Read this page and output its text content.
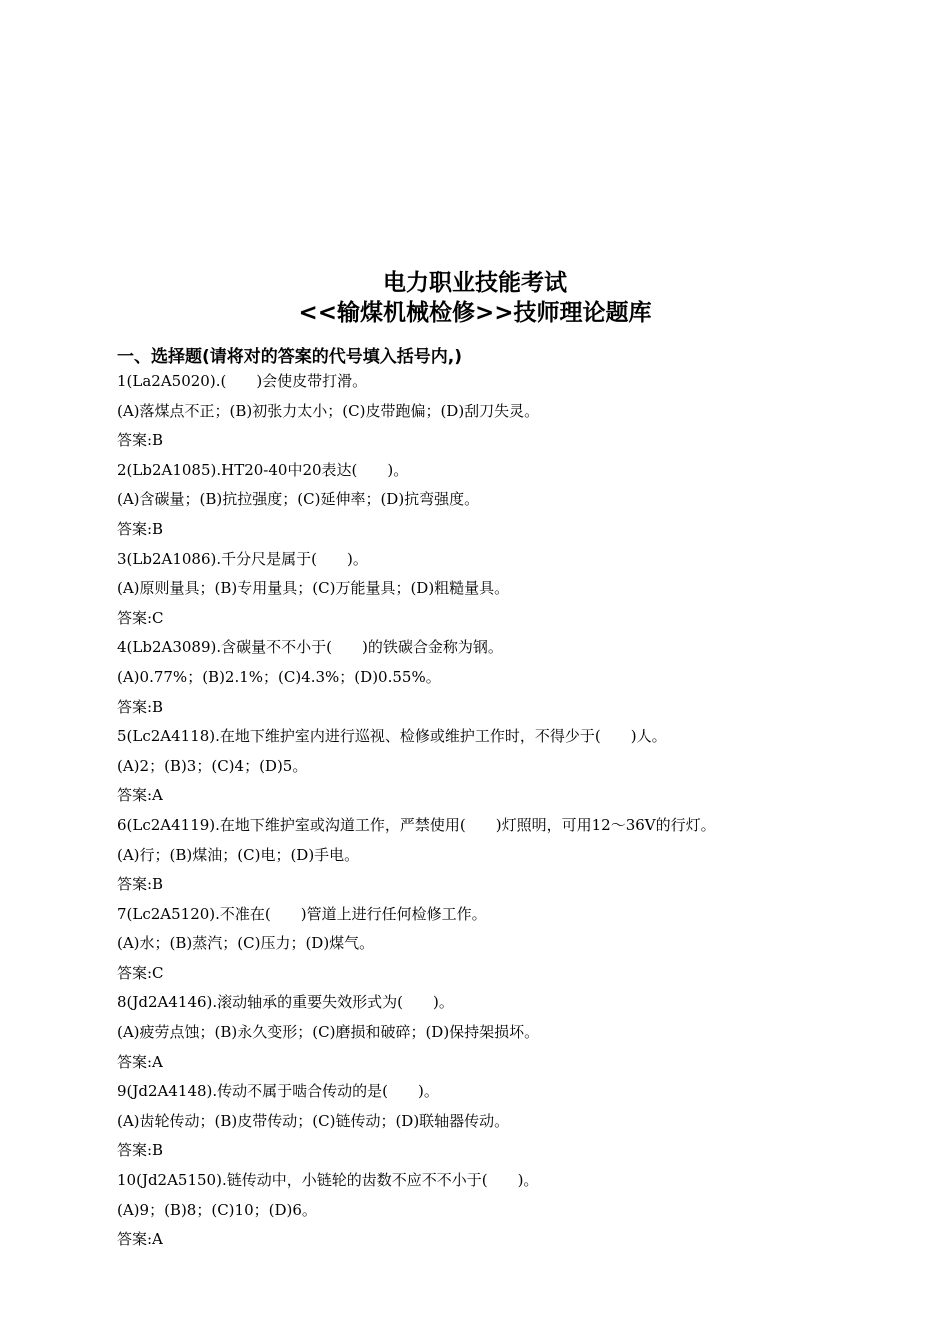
电力职业技能考试
<<输煤机械检修>>技师理论题库
一、选择题(请将对的答案的代号填入括号内,)
1(La2A5020).(　　)会使皮带打滑。
(A)落煤点不正；(B)初张力太小；(C)皮带跑偏；(D)刮刀失灵。
答案:B
2(Lb2A1085).HT20-40中20表达(　　)。
(A)含碳量；(B)抗拉强度；(C)延伸率；(D)抗弯强度。
答案:B
3(Lb2A1086).千分尺是属于(　　)。
(A)原则量具；(B)专用量具；(C)万能量具；(D)粗糙量具。
答案:C
4(Lb2A3089).含碳量不不小于(　　)的铁碳合金称为钢。
(A)0.77%；(B)2.1%；(C)4.3%；(D)0.55%。
答案:B
5(Lc2A4118).在地下维护室内进行巡视、检修或维护工作时，不得少于(　　)人。
(A)2；(B)3；(C)4；(D)5。
答案:A
6(Lc2A4119).在地下维护室或沟道工作，严禁使用(　　)灯照明，可用12～36V的行灯。
(A)行；(B)煤油；(C)电；(D)手电。
答案:B
7(Lc2A5120).不准在(　　)管道上进行任何检修工作。
(A)水；(B)蒸汽；(C)压力；(D)煤气。
答案:C
8(Jd2A4146).滚动轴承的重要失效形式为(　　)。
(A)疲劳点蚀；(B)永久变形；(C)磨损和破碎；(D)保持架损坏。
答案:A
9(Jd2A4148).传动不属于啮合传动的是(　　)。
(A)齿轮传动；(B)皮带传动；(C)链传动；(D)联轴器传动。
答案:B
10(Jd2A5150).链传动中，小链轮的齿数不应不不小于(　　)。
(A)9；(B)8；(C)10；(D)6。
答案:A
